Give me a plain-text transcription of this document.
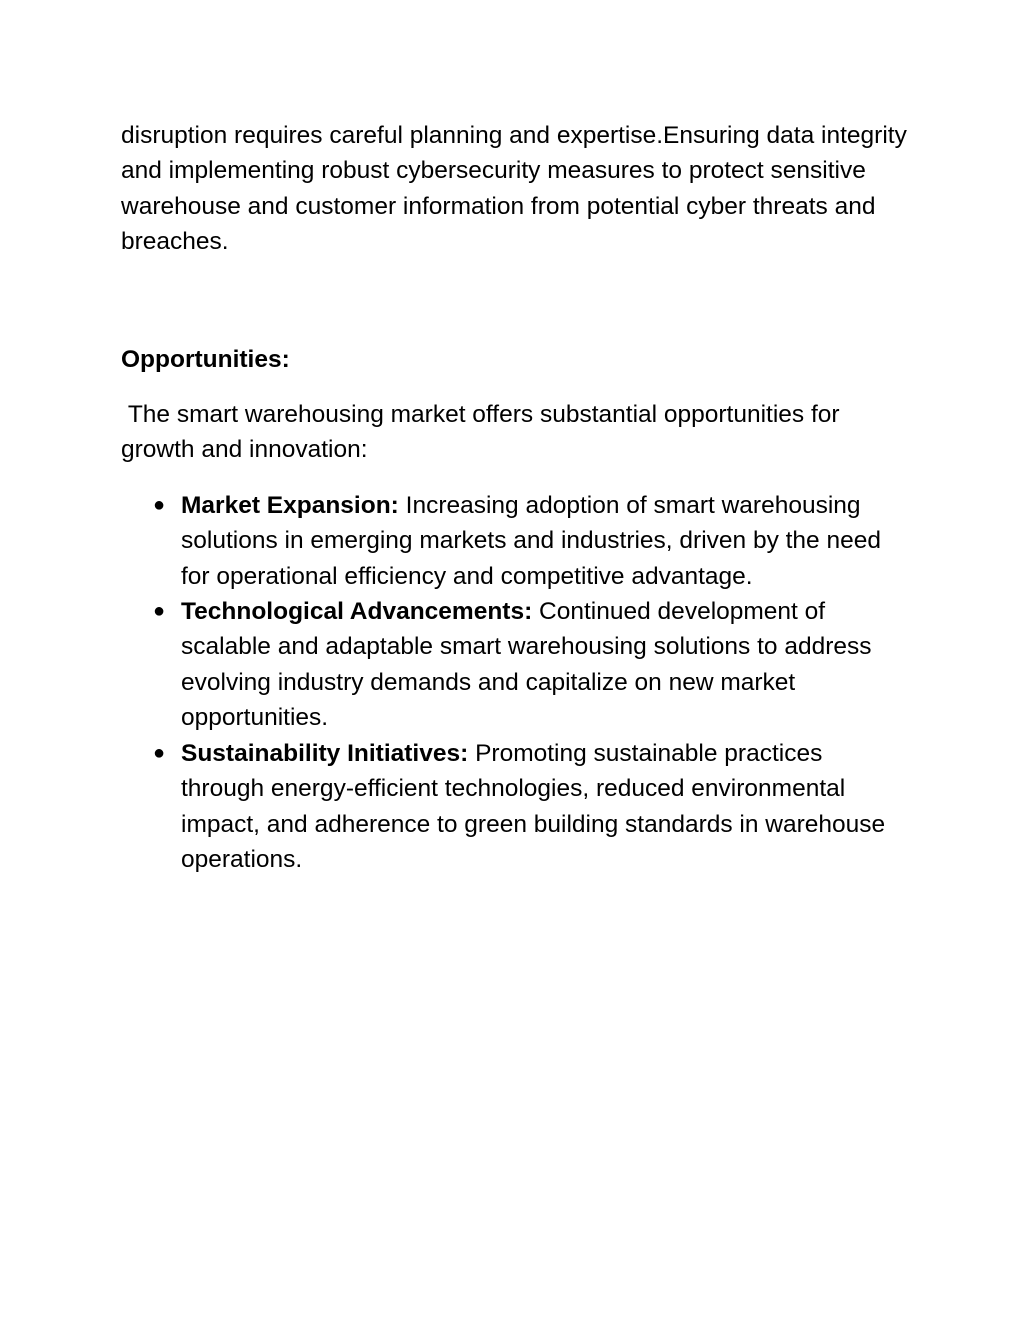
disruption requires careful planning and expertise.Ensuring data integrity and implementing robust cybersecurity measures to protect sensitive warehouse and customer information from potential cyber threats and breaches.

Opportunities:

The smart warehousing market offers substantial opportunities for growth and innovation:

● Market Expansion: Increasing adoption of smart warehousing solutions in emerging markets and industries, driven by the need for operational efficiency and competitive advantage.
● Technological Advancements: Continued development of scalable and adaptable smart warehousing solutions to address evolving industry demands and capitalize on new market opportunities.
● Sustainability Initiatives: Promoting sustainable practices through energy-efficient technologies, reduced environmental impact, and adherence to green building standards in warehouse operations.
